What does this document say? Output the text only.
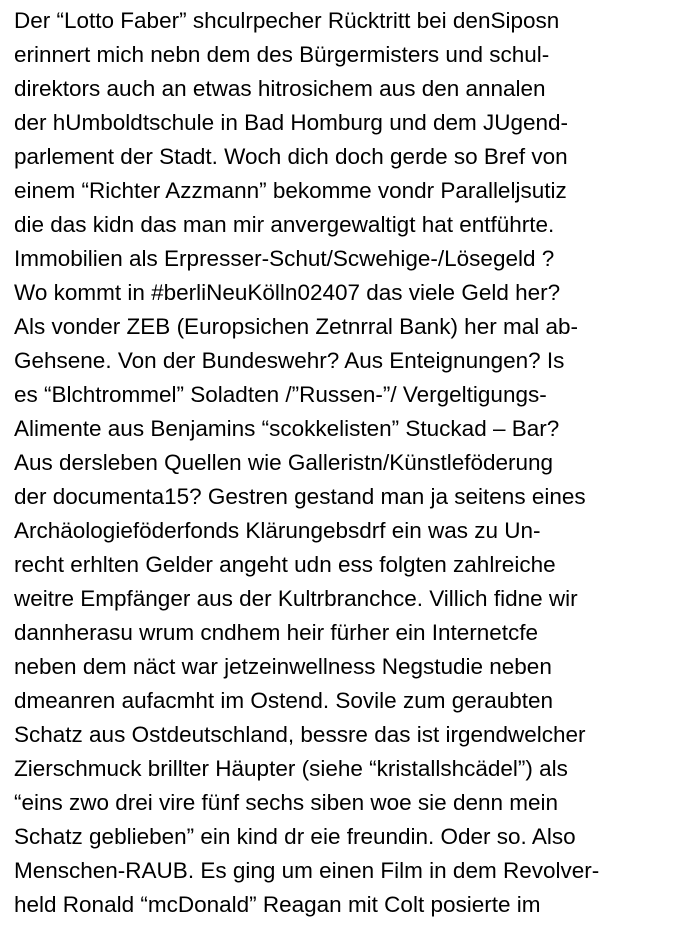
Der “Lotto Faber” shculrpecher Rücktritt bei denSiposn
erinnert mich nebn dem des Bürgermisters und schul-
direktors auch an etwas hitrosichem aus den annalen
der hUmboldtschule in Bad Homburg und dem JUgend-
parlement der Stadt. Woch dich doch gerde so Bref von
einem “Richter Azzmann” bekomme vondr Paralleljsutiz
die das kidn das man mir anvergewaltigt hat entführte.
Immobilien als Erpresser-Schut/Scwehige-/Lösegeld ?
Wo kommt in #berliNeuKölln02407 das viele Geld her?
Als vonder ZEB (Europsichen Zetnrral Bank) her mal ab-
Gehsene. Von der Bundeswehr? Aus Enteignungen? Is
es “Blchtrommel” Soladten /”Russen-”/ Vergeltigungs-
Alimente aus Benjamins “scokkelisten” Stuckad – Bar?
Aus dersleben Quellen wie Galleristn/Künstleföderung
der documenta15? Gestren gestand man ja seitens eines
Archäologieföderfonds Klärungebsdrf ein was zu Un-
recht erhlten Gelder angeht udn ess folgten zahlreiche
weitre Empfänger aus der Kultrbranchce. Villich fidne wir
dannherasu wrum cndhem heir fürher ein Internetcfe
neben dem näct war jetzeinwellness Negstudie neben
dmeanren aufacmht im Ostend. Sovile zum geraubten
Schatz aus Ostdeutschland, bessre das ist irgendwelcher
Zierschmuck brillter Häupter (siehe “kristallshcädel”) als
“eins zwo drei vire fünf sechs siben woe sie denn mein
Schatz geblieben” ein kind dr eie freundin. Oder so. Also
Menschen-RAUB. Es ging um einen Film in dem Revolver-
held Ronald “mcDonald” Reagan mit Colt posierte im
